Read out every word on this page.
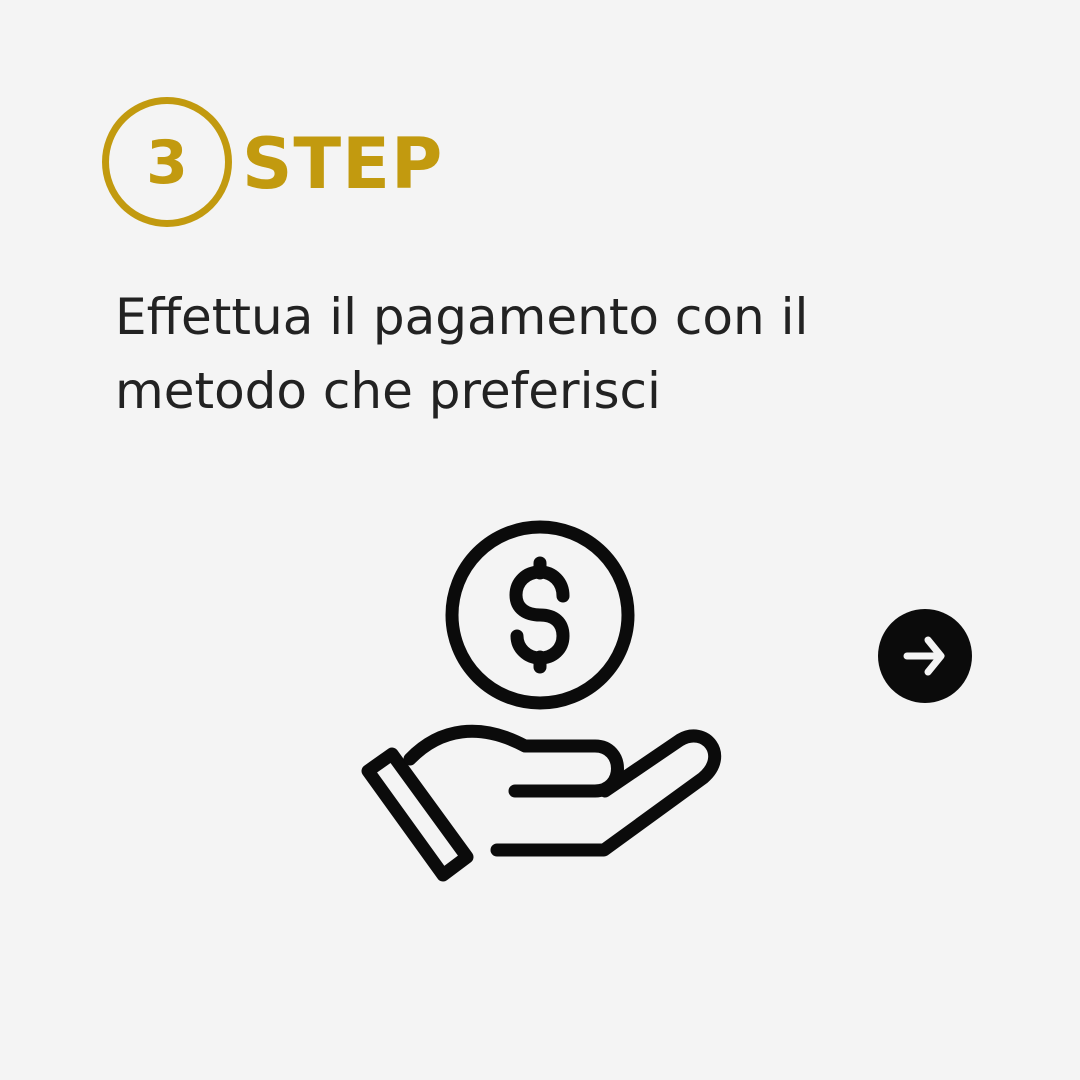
3 STEP
Effettua il pagamento con il
metodo che preferisci
